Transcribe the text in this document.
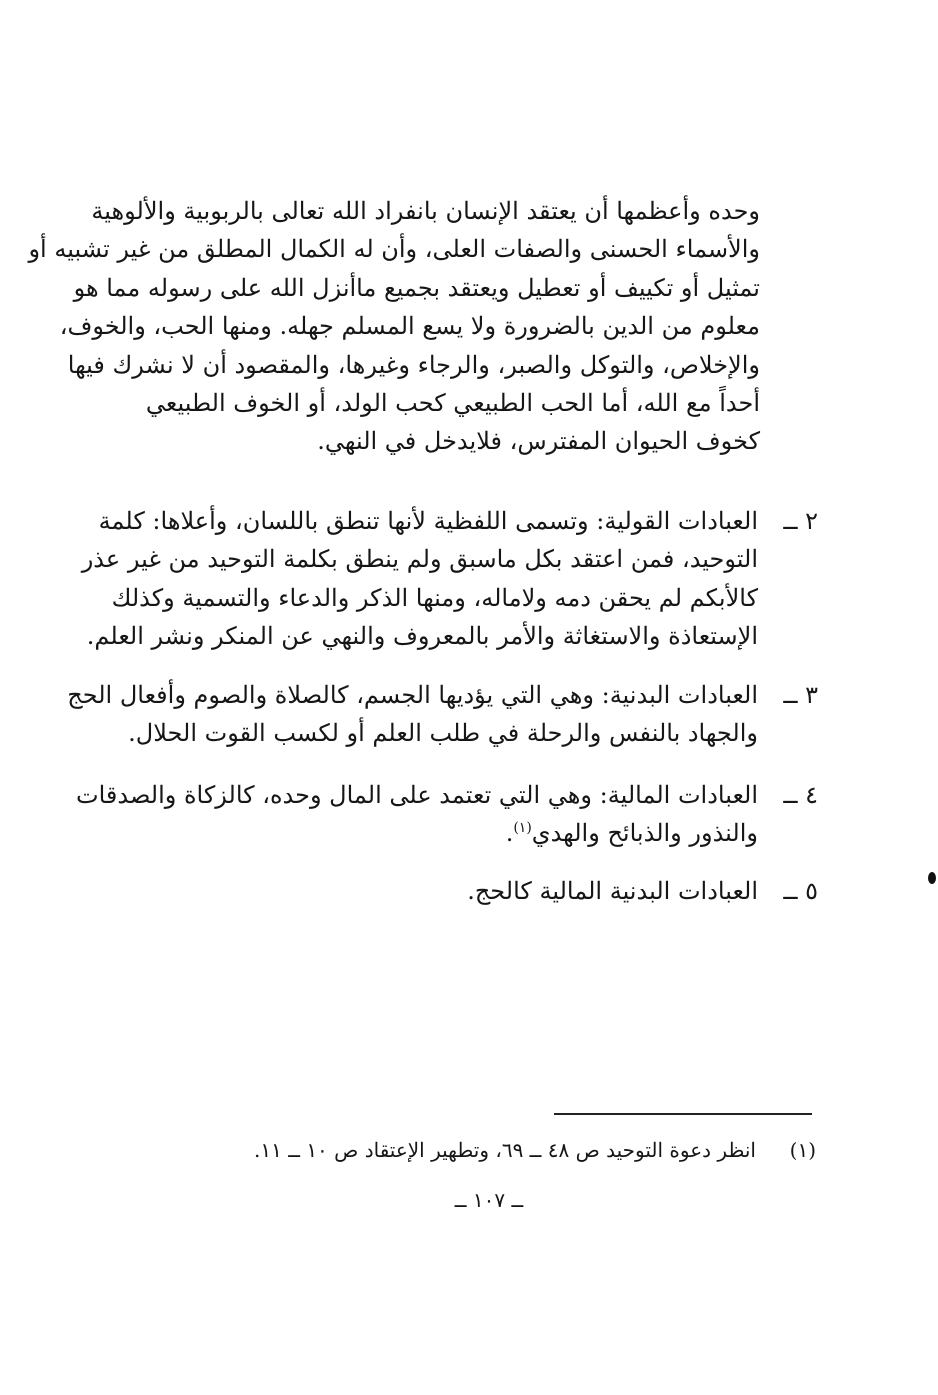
وحده وأعظمها أن يعتقد الإنسان بانفراد الله تعالى بالربوبية والألوهية
والأسماء الحسنى والصفات العلى، وأن له الكمال المطلق من غير تشبيه أو
تمثيل أو تكييف أو تعطيل ويعتقد بجميع ماأنزل الله على رسوله مما هو
معلوم من الدين بالضرورة ولا يسع المسلم جهله. ومنها الحب، والخوف،
والإخلاص، والتوكل والصبر، والرجاء وغيرها، والمقصود أن لا نشرك فيها
أحداً مع الله، أما الحب الطبيعي كحب الولد، أو الخوف الطبيعي
كخوف الحيوان المفترس، فلايدخل في النهي.
٢ ــ
العبادات القولية: وتسمى اللفظية لأنها تنطق باللسان، وأعلاها: كلمة
التوحيد، فمن اعتقد بكل ماسبق ولم ينطق بكلمة التوحيد من غير عذر
كالأبكم لم يحقن دمه ولاماله، ومنها الذكر والدعاء والتسمية وكذلك
الإستعاذة والاستغاثة والأمر بالمعروف والنهي عن المنكر ونشر العلم.
٣ ــ
العبادات البدنية: وهي التي يؤديها الجسم، كالصلاة والصوم وأفعال الحج
والجهاد بالنفس والرحلة في طلب العلم أو لكسب القوت الحلال.
٤ ــ
العبادات المالية: وهي التي تعتمد على المال وحده، كالزكاة والصدقات
والنذور والذبائح والهدي$^{(١)}$.
٥ ــ
العبادات البدنية المالية كالحج.
(١)انظر دعوة التوحيد ص ٤٨ ــ ٦٩، وتطهير الإعتقاد ص ١٠ ــ ١١.
ــ ١٠٧ ــ
